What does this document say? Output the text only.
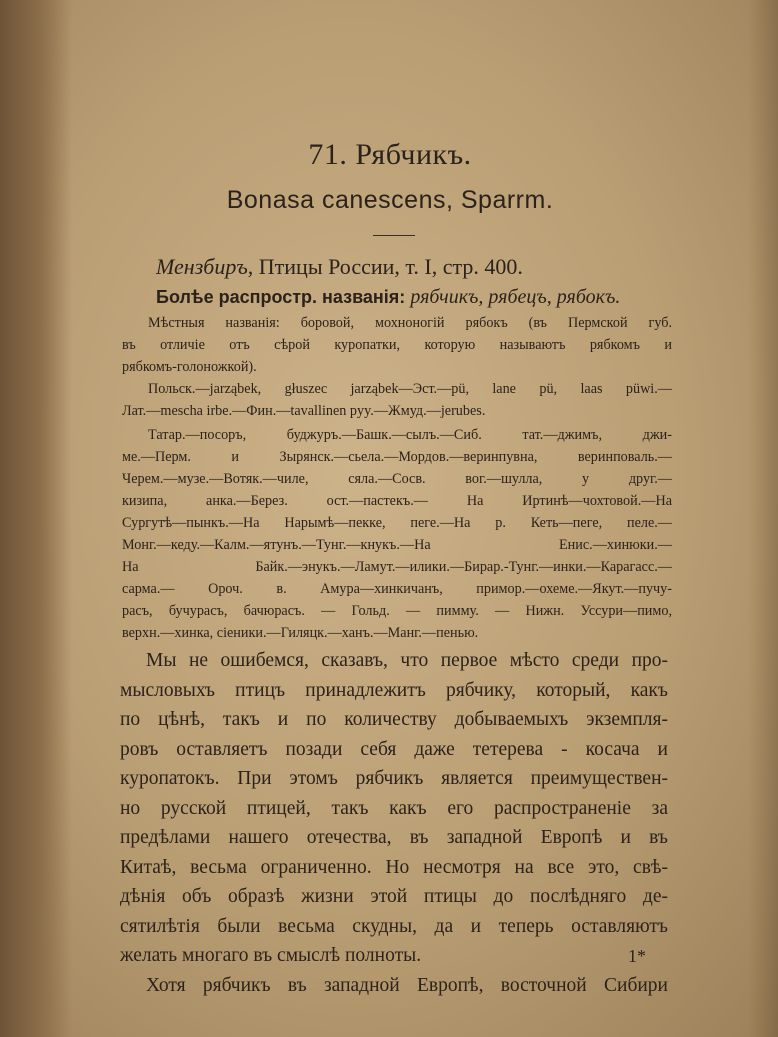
71. Рябчикъ.
Bonasa canescens, Sparrm.
Мензбиръ, Птицы России, т. I, стр. 400.
Болѣе распростр. названія: рябчикъ, рябецъ, рябокъ.
Мѣстныя названія: боровой, мохноногій рябокъ (въ Пермской губ.
въ отличіе отъ сѣрой куропатки, которую называютъ рябкомъ и
рябкомъ-голоножкой).
Польск.—jarząbek, głuszec jarząbek—Эст.—pü, lane pü, laas püwi.—
Лат.—mescha irbe.—Фин.—tavallinen pyy.—Жмуд.—jerubes.
Татар.—посоръ, буджуръ.—Башк.—сылъ.—Сиб. тат.—джимъ, джи-
ме.—Перм. и Зырянск.—сьела.—Мордов.—веринпувна, веринповаль.—
Черем.—музе.—Вотяк.—чиле, сяла.—Сосв. вог.—шулла, у друг.—
кизипа, анка.—Берез. ост.—пастекъ.— На Иртинѣ—чохтовой.—На
Сургутѣ—пынкъ.—На Нарымѣ—пекке, пеге.—На р. Кеть—пеге, пеле.—
Монг.—кеду.—Калм.—ятунъ.—Тунг.—кнукъ.—На Енис.—хинюки.—
На Байк.—энукъ.—Ламут.—илики.—Бирар.-Тунг.—инки.—Карагасс.—
сарма.— Ороч. в. Амура—хинкичанъ, примор.—охеме.—Якут.—пучу-
расъ, бучурасъ, бачюрасъ. — Гольд. — пимму. — Нижн. Уссури—пимо,
верхн.—хинка, сіеники.—Гиляцк.—ханъ.—Манг.—пенью.
Мы не ошибемся, сказавъ, что первое мѣсто среди про-
мысловыхъ птицъ принадлежитъ рябчику, который, какъ
по цѣнѣ, такъ и по количеству добываемыхъ экземпля-
ровъ оставляетъ позади себя даже тетерева - косача и
куропатокъ. При этомъ рябчикъ является преимуществен-
но русской птицей, такъ какъ его распространеніе за
предѣлами нашего отечества, въ западной Европѣ и въ
Китаѣ, весьма ограниченно. Но несмотря на все это, свѣ-
дѣнія объ образѣ жизни этой птицы до послѣдняго де-
сятилѣтія были весьма скудны, да и теперь оставляютъ
желать многаго въ смыслѣ полноты.
Хотя рябчикъ въ западной Европѣ, восточной Сибири
1*
